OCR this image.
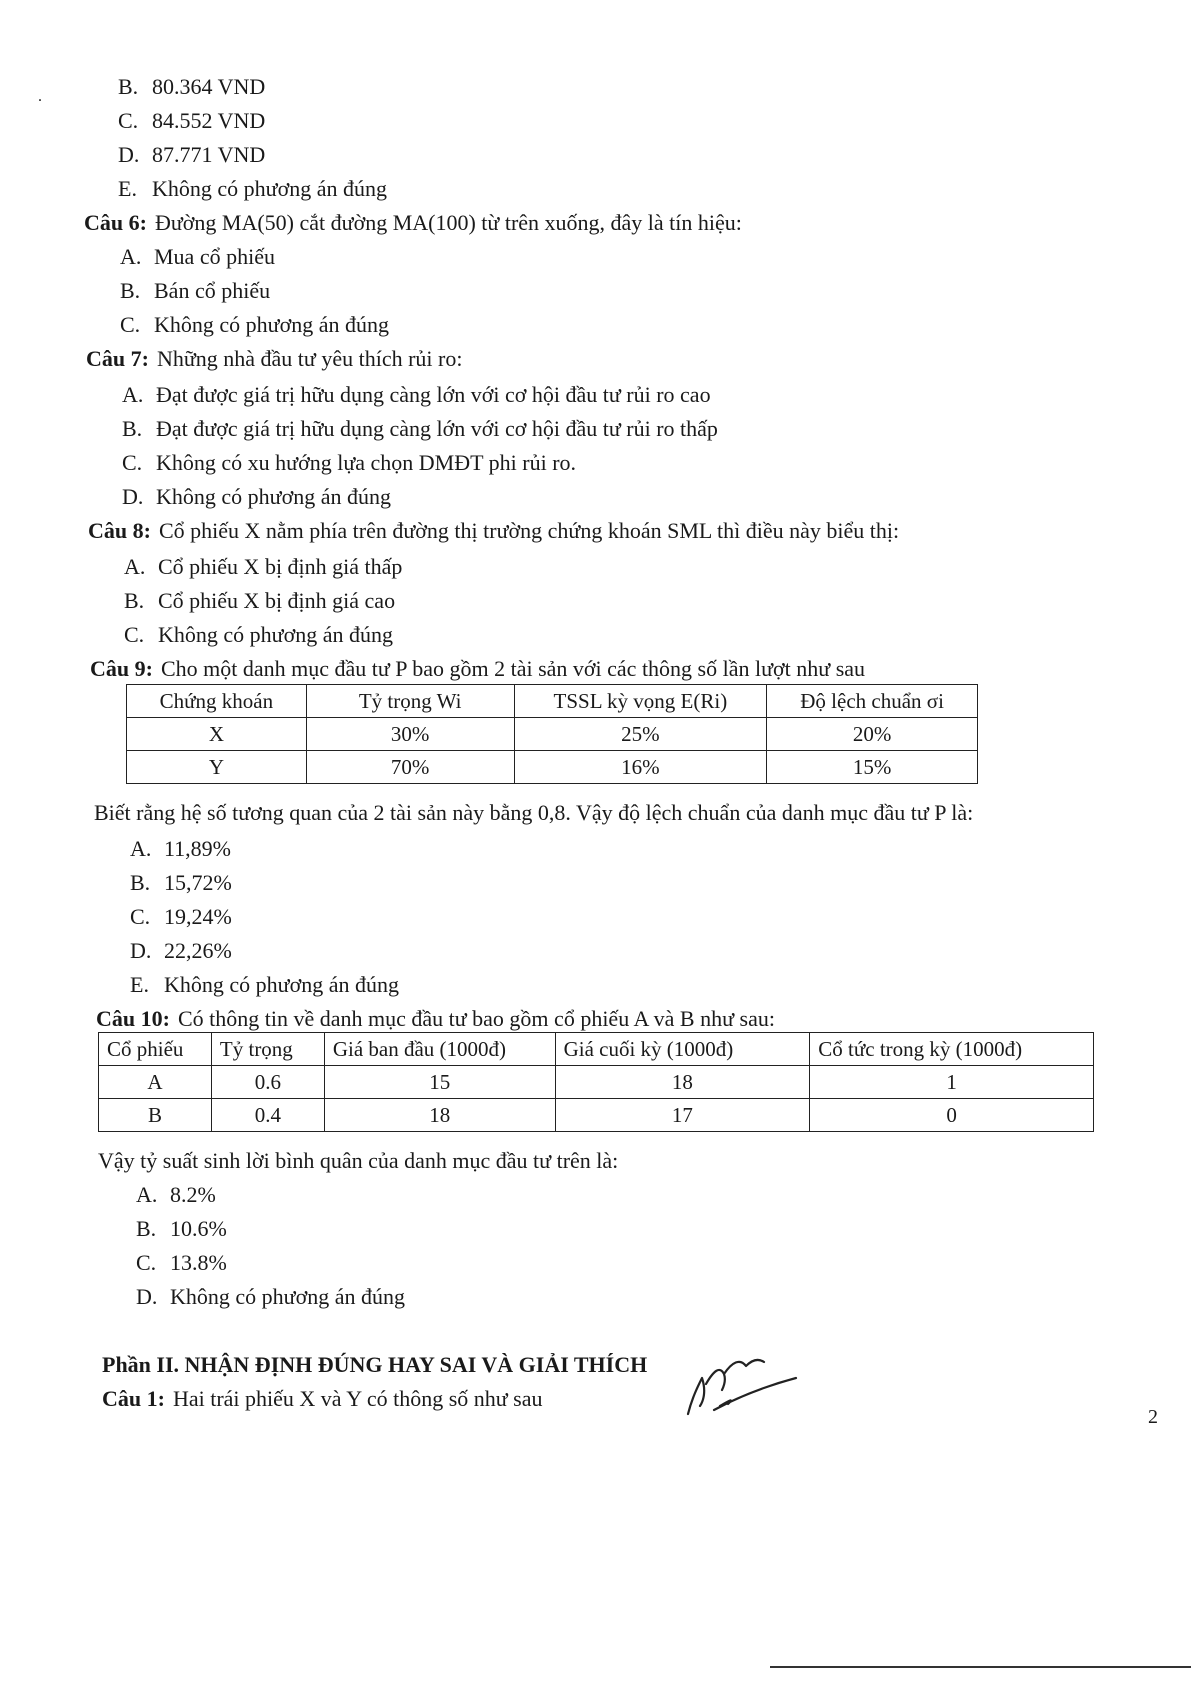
.	B. 80.364 VND
C. 84.552 VND
D. 87.771 VND
E. Không có phương án đúng
Câu 6: Đường MA(50) cắt đường MA(100) từ trên xuống, đây là tín hiệu:
A. Mua cổ phiếu
B. Bán cổ phiếu
C. Không có phương án đúng
Câu 7: Những nhà đầu tư yêu thích rủi ro:
A. Đạt được giá trị hữu dụng càng lớn với cơ hội đầu tư rủi ro cao
B. Đạt được giá trị hữu dụng càng lớn với cơ hội đầu tư rủi ro thấp
C. Không có xu hướng lựa chọn DMĐT phi rủi ro.
D. Không có phương án đúng
Câu 8: Cổ phiếu X nằm phía trên đường thị trường chứng khoán SML thì điều này biểu thị:
A. Cổ phiếu X bị định giá thấp
B. Cổ phiếu X bị định giá cao
C. Không có phương án đúng
Câu 9: Cho một danh mục đầu tư P bao gồm 2 tài sản với các thông số lần lượt như sau
Chứng khoán	Tỷ trọng Wi	TSSL kỳ vọng E(Ri)	Độ lệch chuẩn σi
X	30%	25%	20%
Y	70%	16%	15%
Biết rằng hệ số tương quan của 2 tài sản này bằng 0,8. Vậy độ lệch chuẩn của danh mục đầu tư P là:
A. 11,89%
B. 15,72%
C. 19,24%
D. 22,26%
E. Không có phương án đúng
Câu 10: Có thông tin về danh mục đầu tư bao gồm cổ phiếu A và B như sau:
Cổ phiếu	Tỷ trọng	Giá ban đầu (1000đ)	Giá cuối kỳ (1000đ)	Cổ tức trong kỳ (1000đ)
A	0.6	15	18	1
B	0.4	18	17	0
Vậy tỷ suất sinh lời bình quân của danh mục đầu tư trên là:
A. 8.2%
B. 10.6%
C. 13.8%
D. Không có phương án đúng
Phần II. NHẬN ĐỊNH ĐÚNG HAY SAI VÀ GIẢI THÍCH
Câu 1: Hai trái phiếu X và Y có thông số như sau
2
